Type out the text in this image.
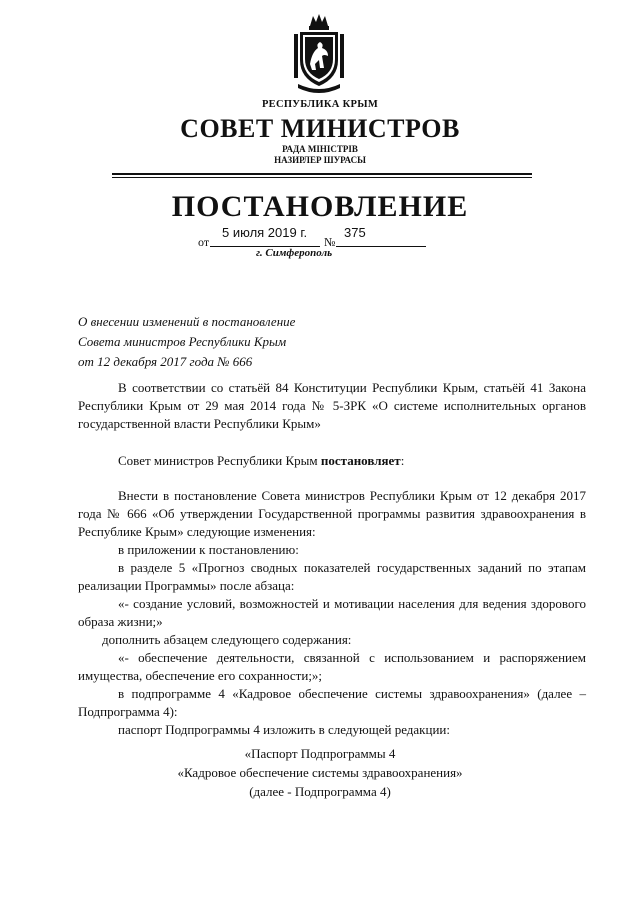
РЕСПУБЛИКА КРЫМ
СОВЕТ МИНИСТРОВ
РАДА МІНІСТРІВ
НАЗИРЛЕР ШУРАСЫ
ПОСТАНОВЛЕНИЕ
от
5 июля 2019 г.
№
375
г. Симферополь
О внесении изменений в постановление
Совета министров Республики Крым
от 12 декабря 2017 года № 666
В соответствии со статьёй 84 Конституции Республики Крым, статьёй 41 Закона Республики Крым от 29 мая 2014 года № 5-ЗРК «О системе исполнительных органов государственной власти Республики Крым»
Совет министров Республики Крым постановляет:

Внести в постановление Совета министров Республики Крым от 12 декабря 2017 года № 666 «Об утверждении Государственной программы развития здравоохранения в Республике Крым» следующие изменения:

в приложении к постановлению:

в разделе 5 «Прогноз сводных показателей государственных заданий по этапам реализации Программы» после абзаца:

«- создание условий, возможностей и мотивации населения для ведения здорового образа жизни;»

дополнить абзацем следующего содержания:

«- обеспечение деятельности, связанной с использованием и распоряжением имущества, обеспечение его сохранности;»;

в подпрограмме 4 «Кадровое обеспечение системы здравоохранения» (далее – Подпрограмма 4):

паспорт Подпрограммы 4 изложить в следующей редакции:

«Паспорт Подпрограммы 4
«Кадровое обеспечение системы здравоохранения»
(далее - Подпрограмма 4)
